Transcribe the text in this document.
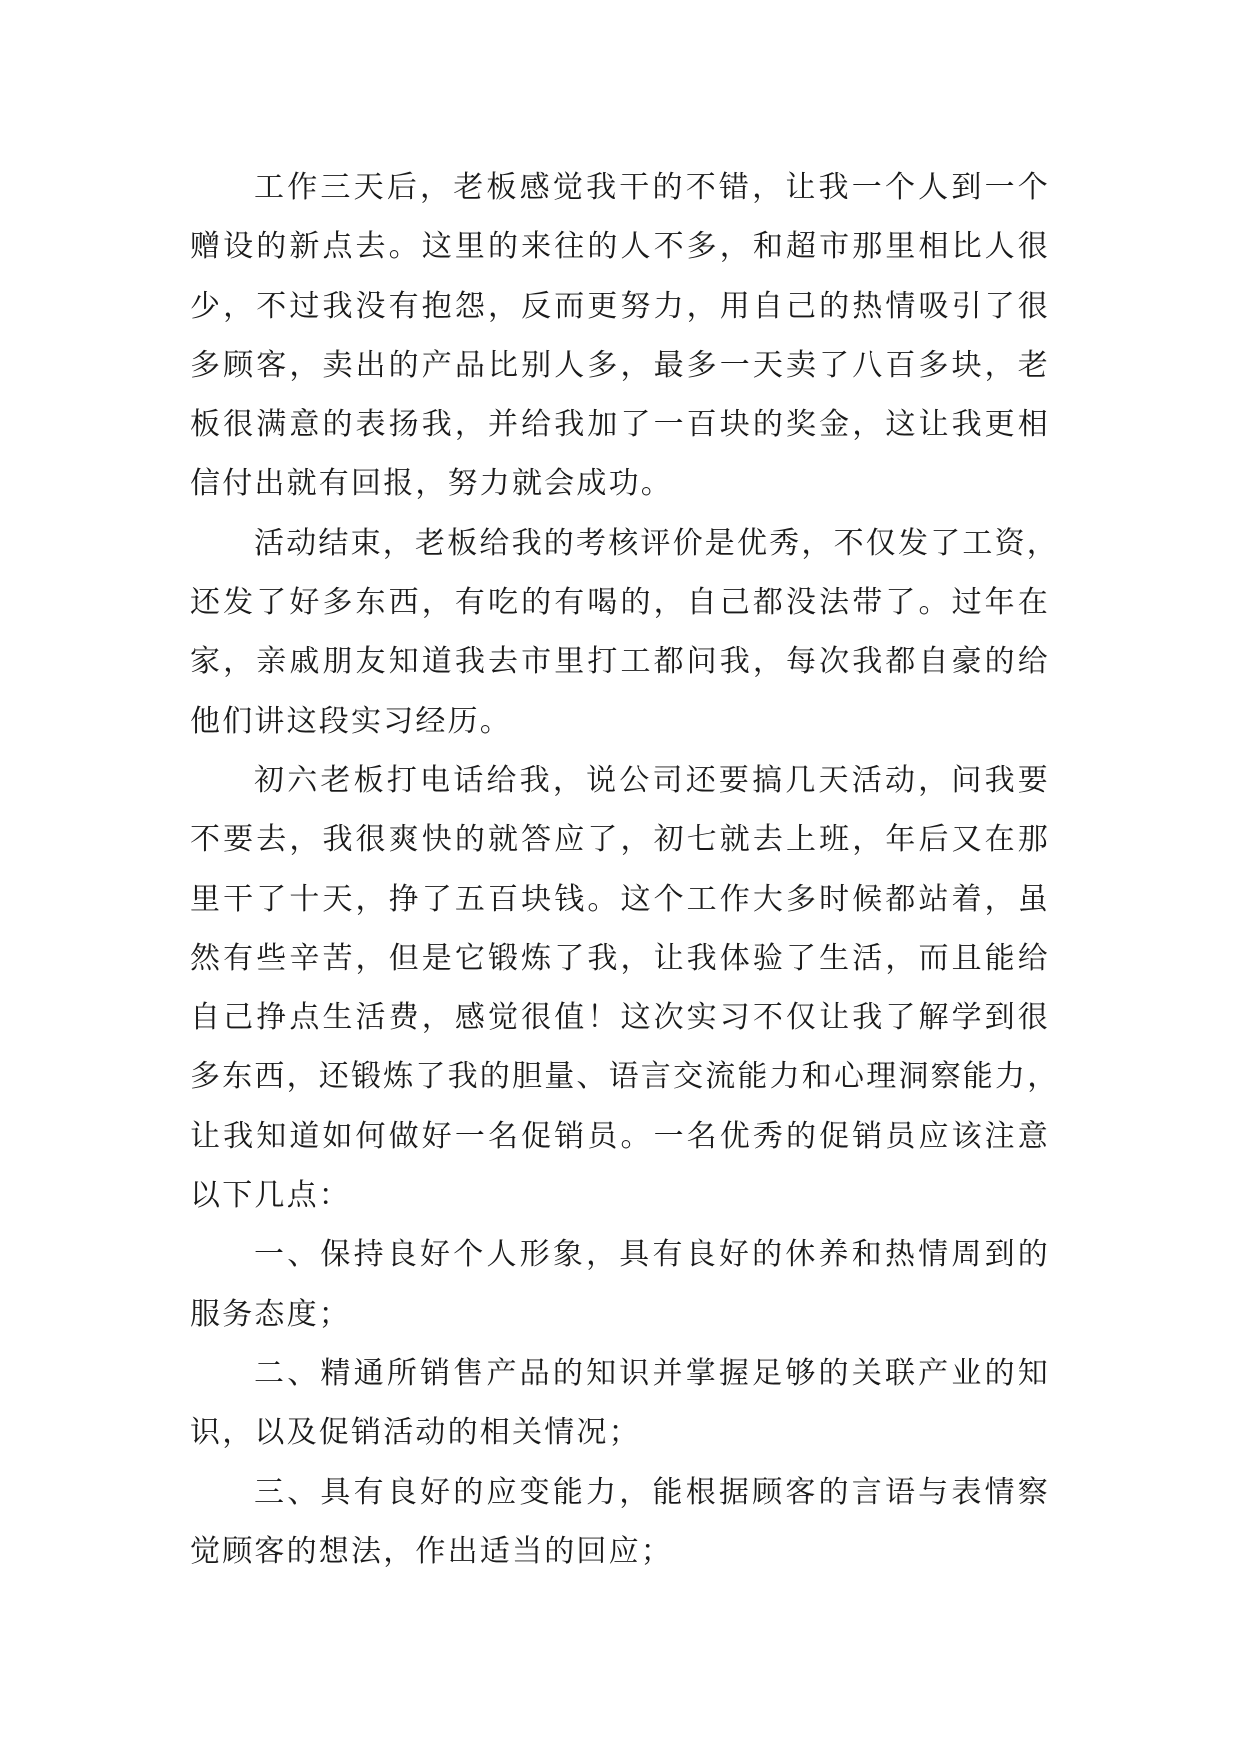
工作三天后，老板感觉我干的不错，让我一个人到一个
赠设的新点去。这里的来往的人不多，和超市那里相比人很
少，不过我没有抱怨，反而更努力，用自己的热情吸引了很
多顾客，卖出的产品比别人多，最多一天卖了八百多块，老
板很满意的表扬我，并给我加了一百块的奖金，这让我更相
信付出就有回报，努力就会成功。
活动结束，老板给我的考核评价是优秀，不仅发了工资，
还发了好多东西，有吃的有喝的，自己都没法带了。过年在
家，亲戚朋友知道我去市里打工都问我，每次我都自豪的给
他们讲这段实习经历。
初六老板打电话给我，说公司还要搞几天活动，问我要
不要去，我很爽快的就答应了，初七就去上班，年后又在那
里干了十天，挣了五百块钱。这个工作大多时候都站着，虽
然有些辛苦，但是它锻炼了我，让我体验了生活，而且能给
自己挣点生活费，感觉很值！这次实习不仅让我了解学到很
多东西，还锻炼了我的胆量、语言交流能力和心理洞察能力，
让我知道如何做好一名促销员。一名优秀的促销员应该注意
以下几点：
一、保持良好个人形象，具有良好的休养和热情周到的
服务态度；
二、精通所销售产品的知识并掌握足够的关联产业的知
识，以及促销活动的相关情况；
三、具有良好的应变能力，能根据顾客的言语与表情察
觉顾客的想法，作出适当的回应；
